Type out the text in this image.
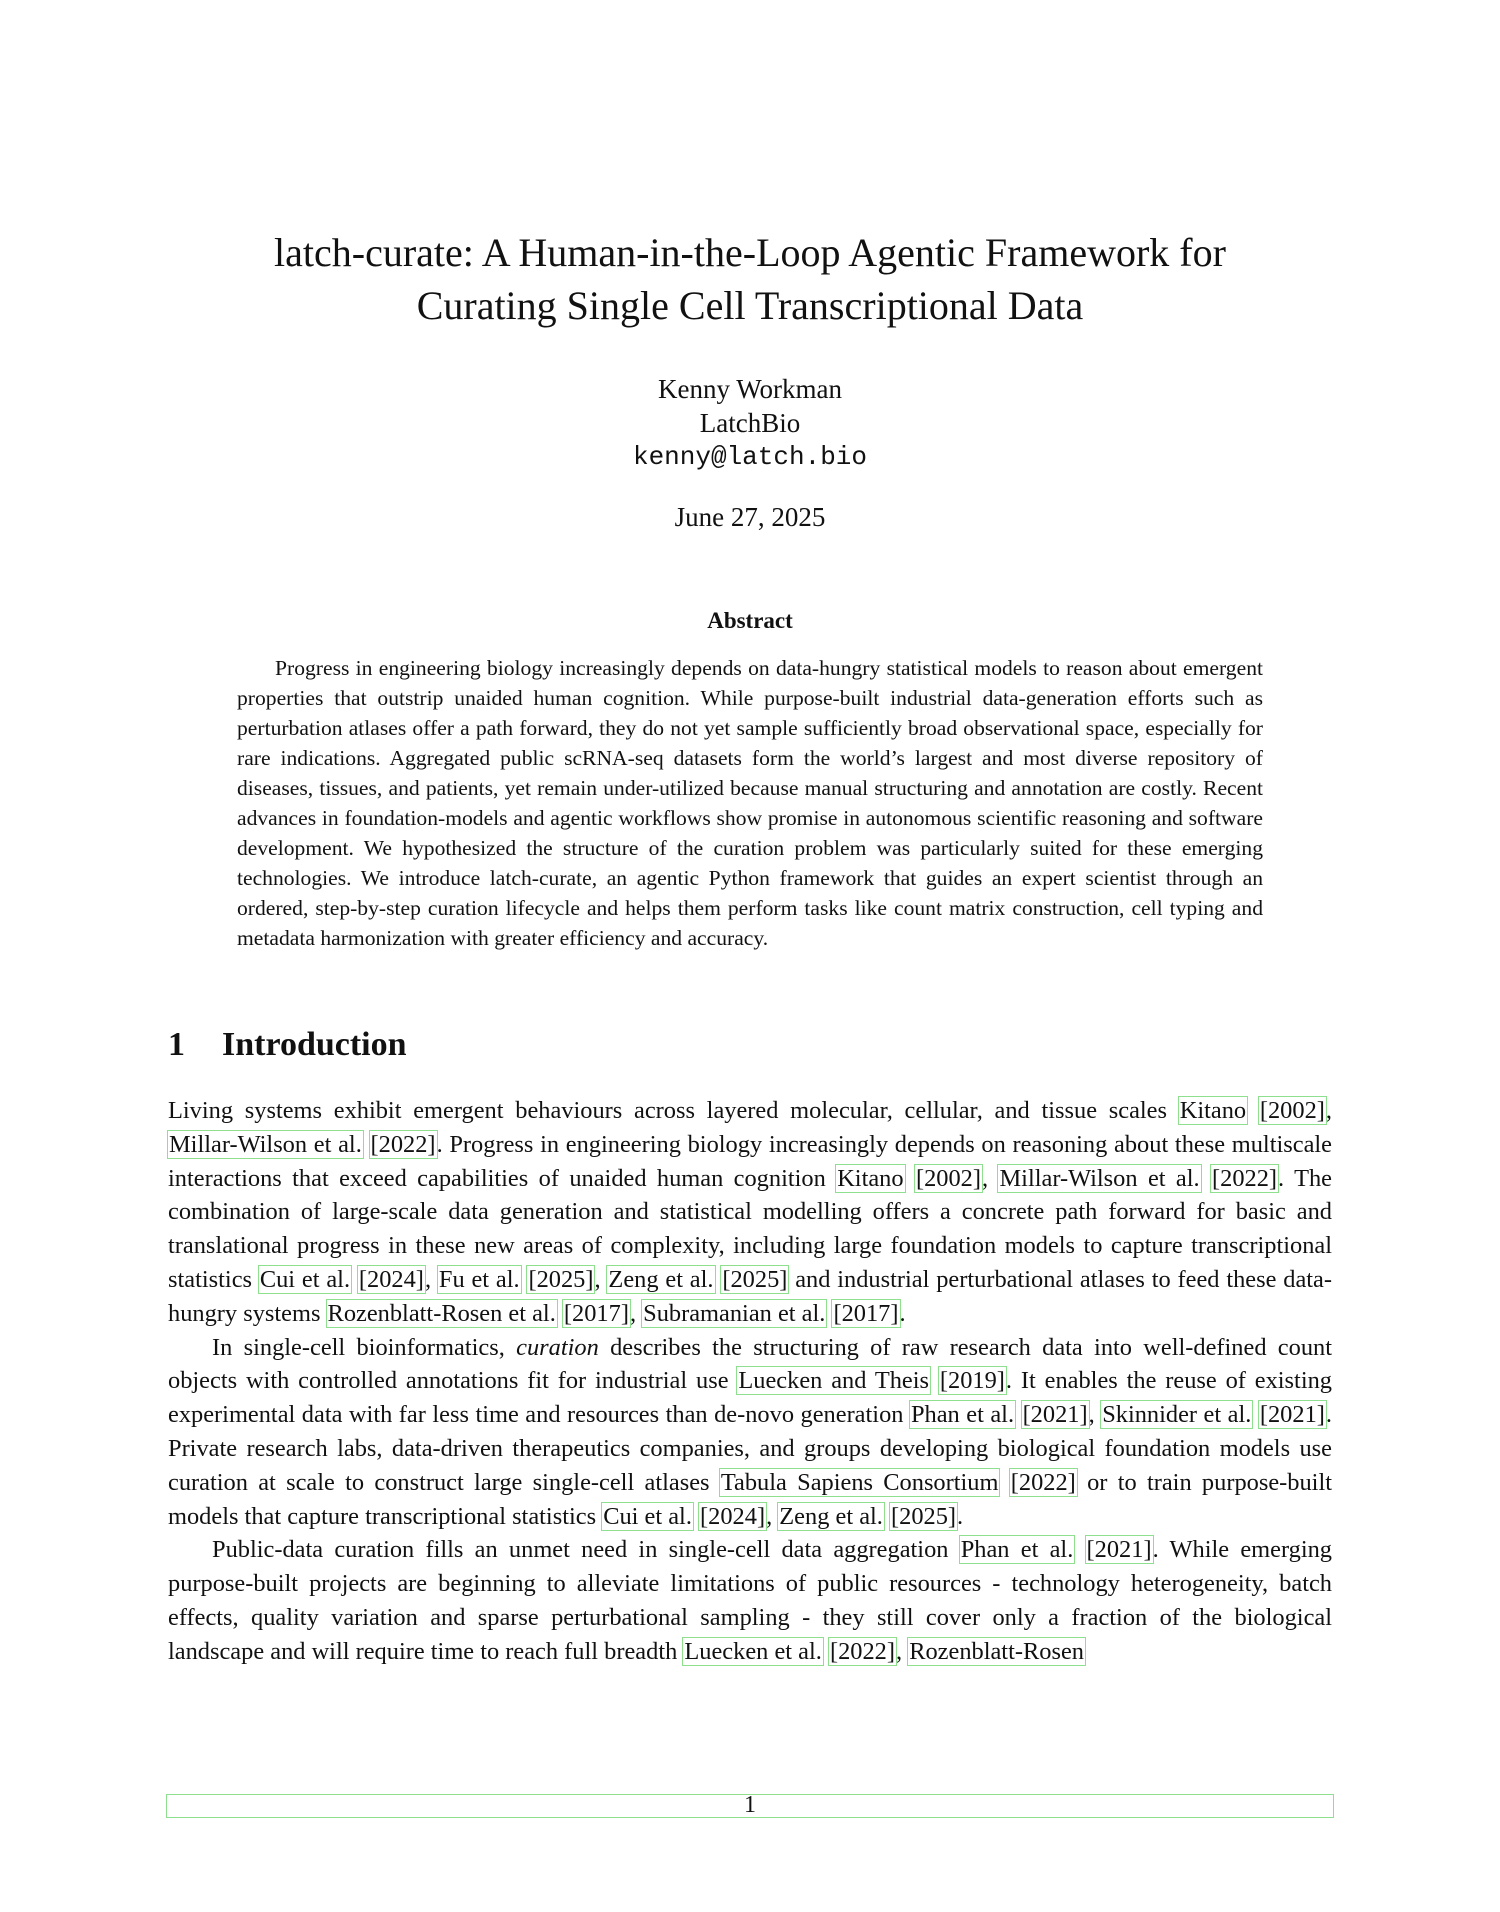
latch-curate: A Human-in-the-Loop Agentic Framework for
Curating Single Cell Transcriptional Data
Kenny Workman
LatchBio
kenny@latch.bio
June 27, 2025
Abstract

Progress in engineering biology increasingly depends on data-hungry statistical models to reason about emergent properties that outstrip unaided human cognition. While purpose-built industrial data-generation efforts such as perturbation atlases offer a path forward, they do not yet sample sufficiently broad observational space, especially for rare indications. Aggregated public scRNA-seq datasets form the world’s largest and most diverse repository of diseases, tissues, and patients, yet remain under-utilized because manual structuring and annotation are costly. Recent advances in foundation-models and agentic workflows show promise in autonomous scientific reasoning and software development. We hypothesized the structure of the curation problem was particularly suited for these emerging technologies. We introduce latch-curate, an agentic Python framework that guides an expert scientist through an ordered, step-by-step curation lifecycle and helps them perform tasks like count matrix construction, cell typing and metadata harmonization with greater efficiency and accuracy.

1 Introduction

Living systems exhibit emergent behaviours across layered molecular, cellular, and tissue scales Kitano [2002], Millar-Wilson et al. [2022]. Progress in engineering biology increasingly depends on reasoning about these multiscale interactions that exceed capabilities of unaided human cognition Kitano [2002], Millar-Wilson et al. [2022]. The combination of large-scale data generation and statistical modelling offers a concrete path forward for basic and translational progress in these new areas of complexity, including large foundation models to capture transcriptional statistics Cui et al. [2024], Fu et al. [2025], Zeng et al. [2025] and industrial perturbational atlases to feed these data-hungry systems Rozenblatt-Rosen et al. [2017], Subramanian et al. [2017].

In single-cell bioinformatics, curation describes the structuring of raw research data into well-defined count objects with controlled annotations fit for industrial use Luecken and Theis [2019]. It enables the reuse of existing experimental data with far less time and resources than de-novo generation Phan et al. [2021], Skinnider et al. [2021]. Private research labs, data-driven therapeutics companies, and groups developing biological foundation models use curation at scale to construct large single-cell atlases Tabula Sapiens Consortium [2022] or to train purpose-built models that capture transcriptional statistics Cui et al. [2024], Zeng et al. [2025].

Public-data curation fills an unmet need in single-cell data aggregation Phan et al. [2021]. While emerging purpose-built projects are beginning to alleviate limitations of public resources - technology heterogeneity, batch effects, quality variation and sparse perturbational sampling - they still cover only a fraction of the biological landscape and will require time to reach full breadth Luecken et al. [2022], Rozenblatt-Rosen

1
